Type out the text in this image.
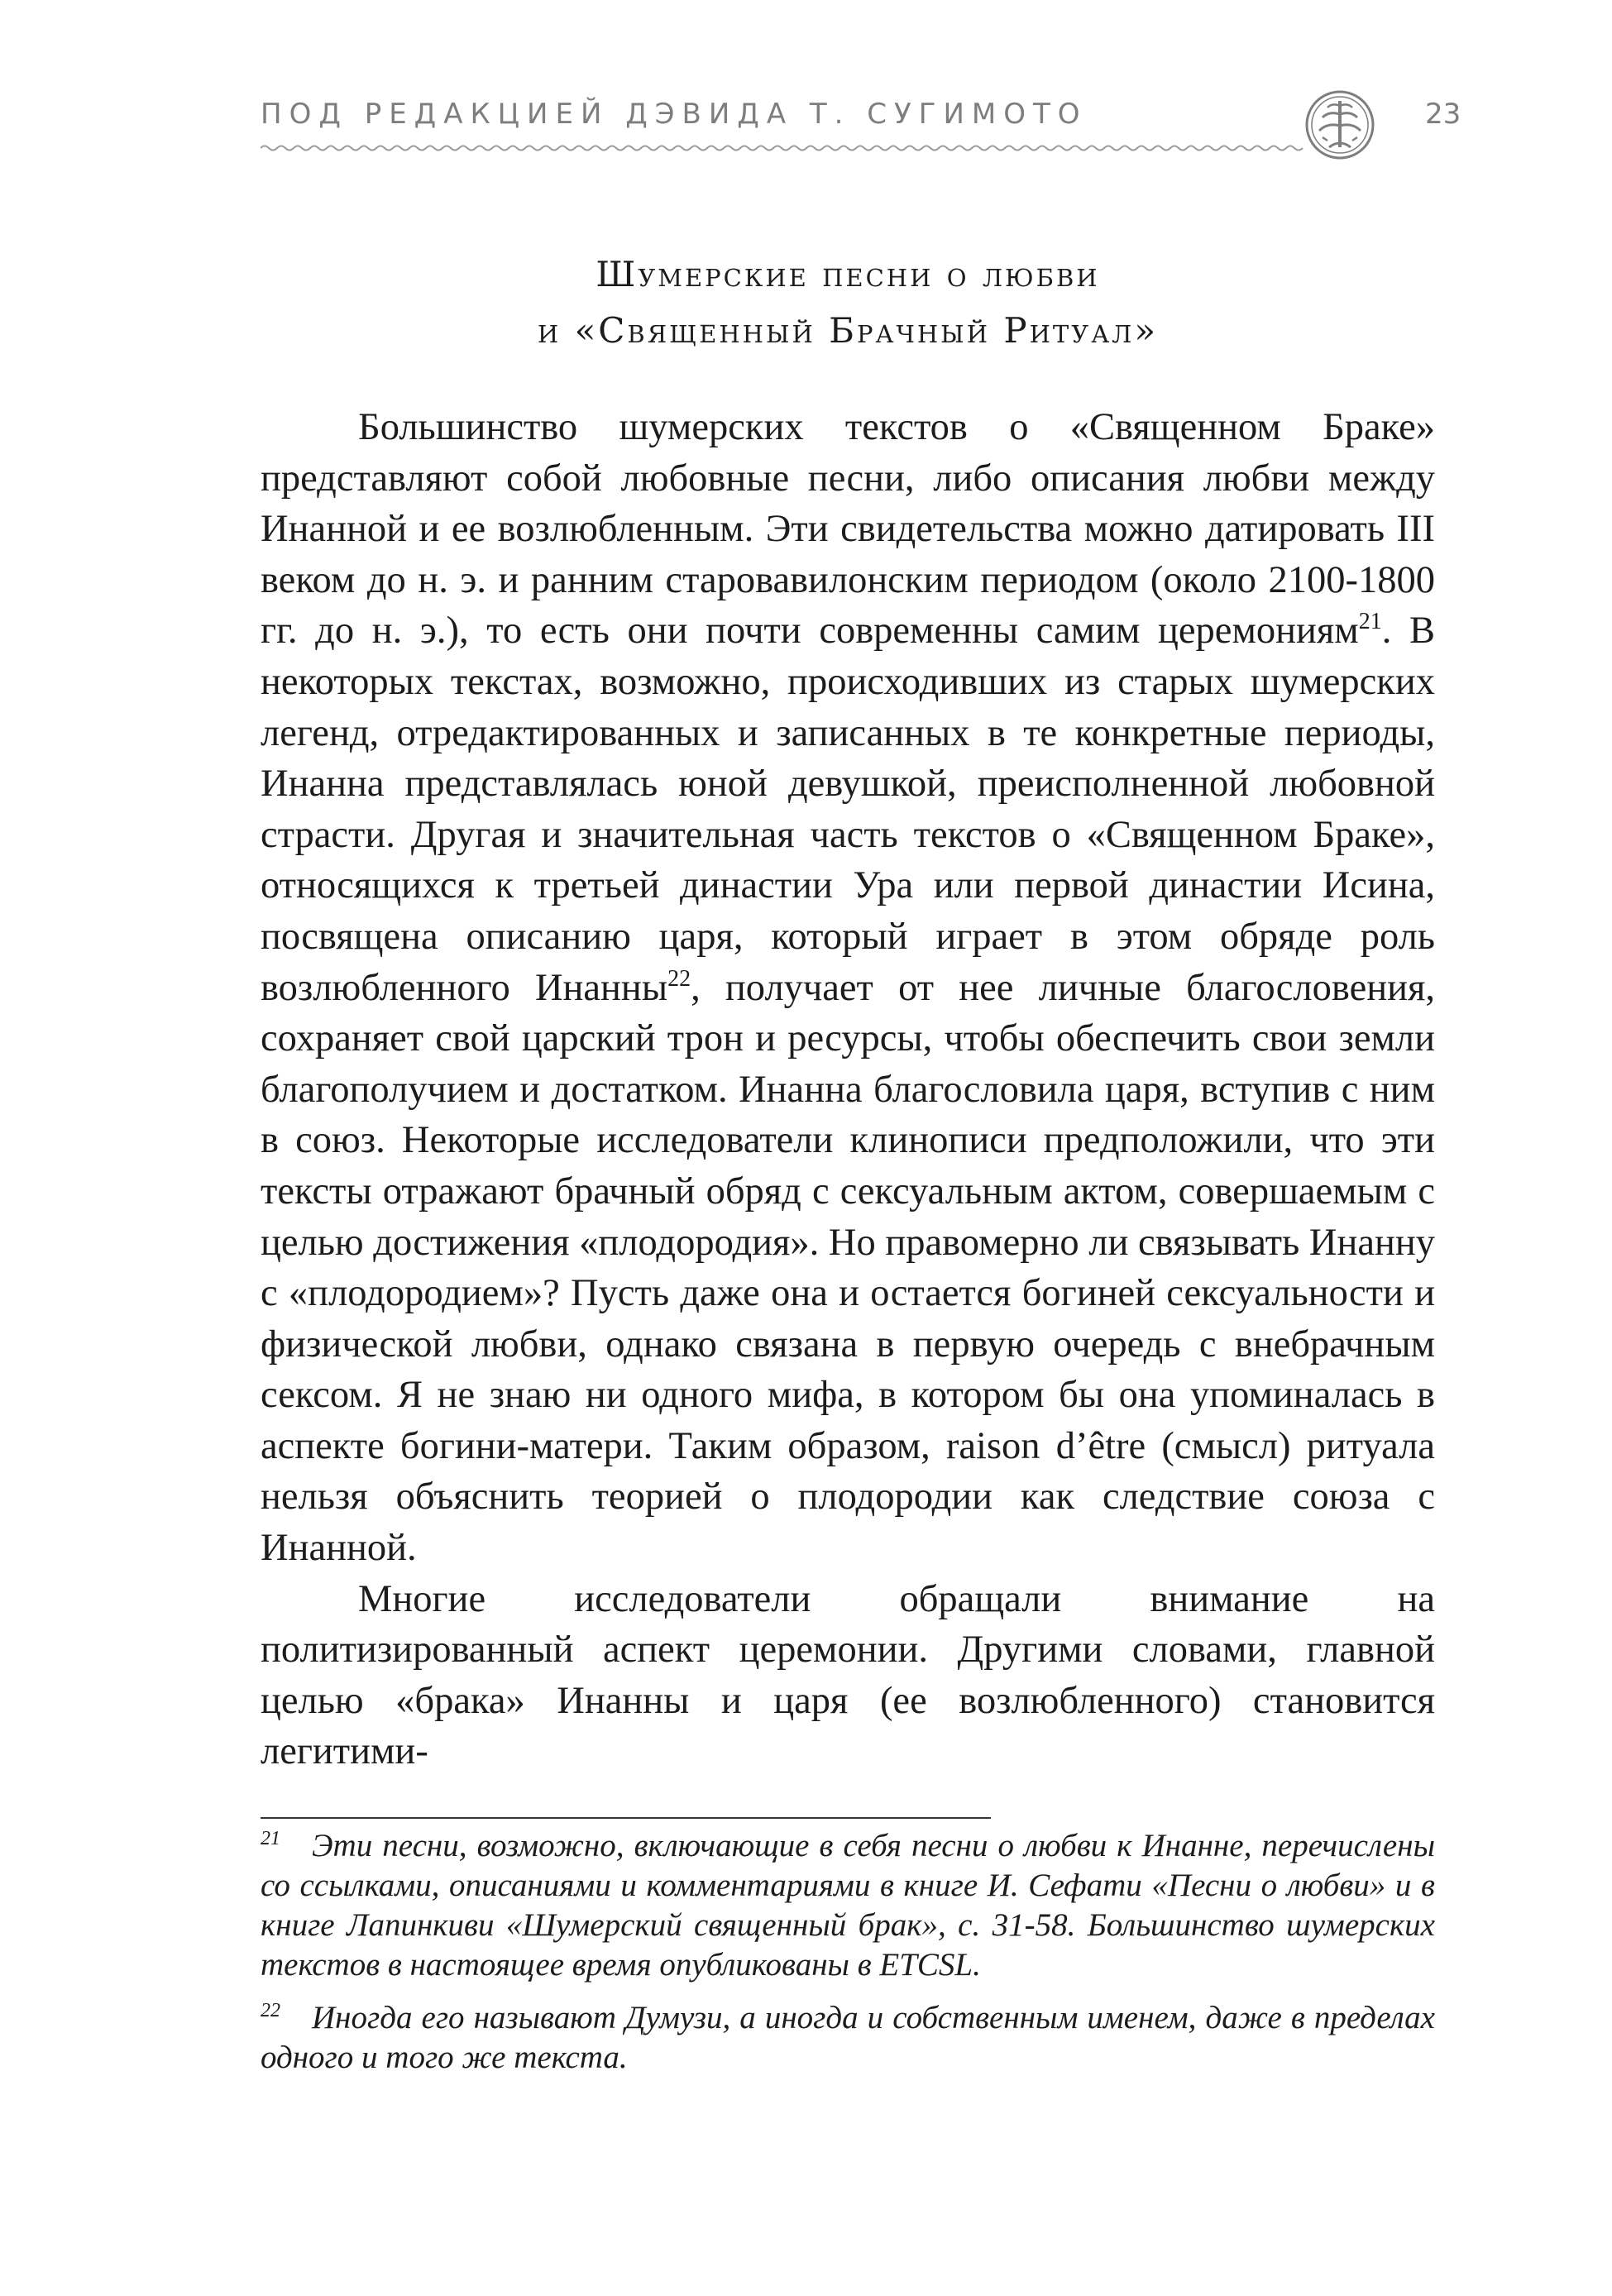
ПОД РЕДАКЦИЕЙ ДЭВИДА Т. СУГИМОТО	23
Шумерские песни о любви
и «Священный Брачный Ритуал»

Большинство шумерских текстов о «Священном Браке» представляют собой любовные песни, либо описания любви между Инанной и ее возлюбленным. Эти свидетельства можно датировать III веком до н. э. и ранним старовавилонским периодом (около 2100-1800 гг. до н. э.), то есть они почти современны самим церемониям$^{21}$. В некоторых текстах, возможно, происходивших из старых шумерских легенд, отредактированных и записанных в те конкретные периоды, Инанна представлялась юной девушкой, преисполненной любовной страсти. Другая и значительная часть текстов о «Священном Браке», относящихся к третьей династии Ура или первой династии Исина, посвящена описанию царя, который играет в этом обряде роль возлюбленного Инанны$^{22}$, получает от нее личные благословения, сохраняет свой царский трон и ресурсы, чтобы обеспечить свои земли благополучием и достатком. Инанна благословила царя, вступив с ним в союз. Некоторые исследователи клинописи предположили, что эти тексты отражают брачный обряд с сексуальным актом, совершаемым с целью достижения «плодородия». Но правомерно ли связывать Инанну с «плодородием»? Пусть даже она и остается богиней сексуальности и физической любви, однако связана в первую очередь с внебрачным сексом. Я не знаю ни одного мифа, в котором бы она упоминалась в аспекте богини-матери. Таким образом, raison d’être (смысл) ритуала нельзя объяснить теорией о плодородии как следствие союза с Инанной.

Многие исследователи обращали внимание на политизированный аспект церемонии. Другими словами, главной целью «брака» Инанны и царя (ее возлюбленного) становится легитими-

$^{21}$ Эти песни, возможно, включающие в себя песни о любви к Инанне, перечислены со ссылками, описаниями и комментариями в книге И. Сефати «Песни о любви» и в книге Лапинкиви «Шумерский священный брак», с. 31-58. Большинство шумерских текстов в настоящее время опубликованы в ETCSL.

$^{22}$ Иногда его называют Думузи, а иногда и собственным именем, даже в пределах одного и того же текста.
